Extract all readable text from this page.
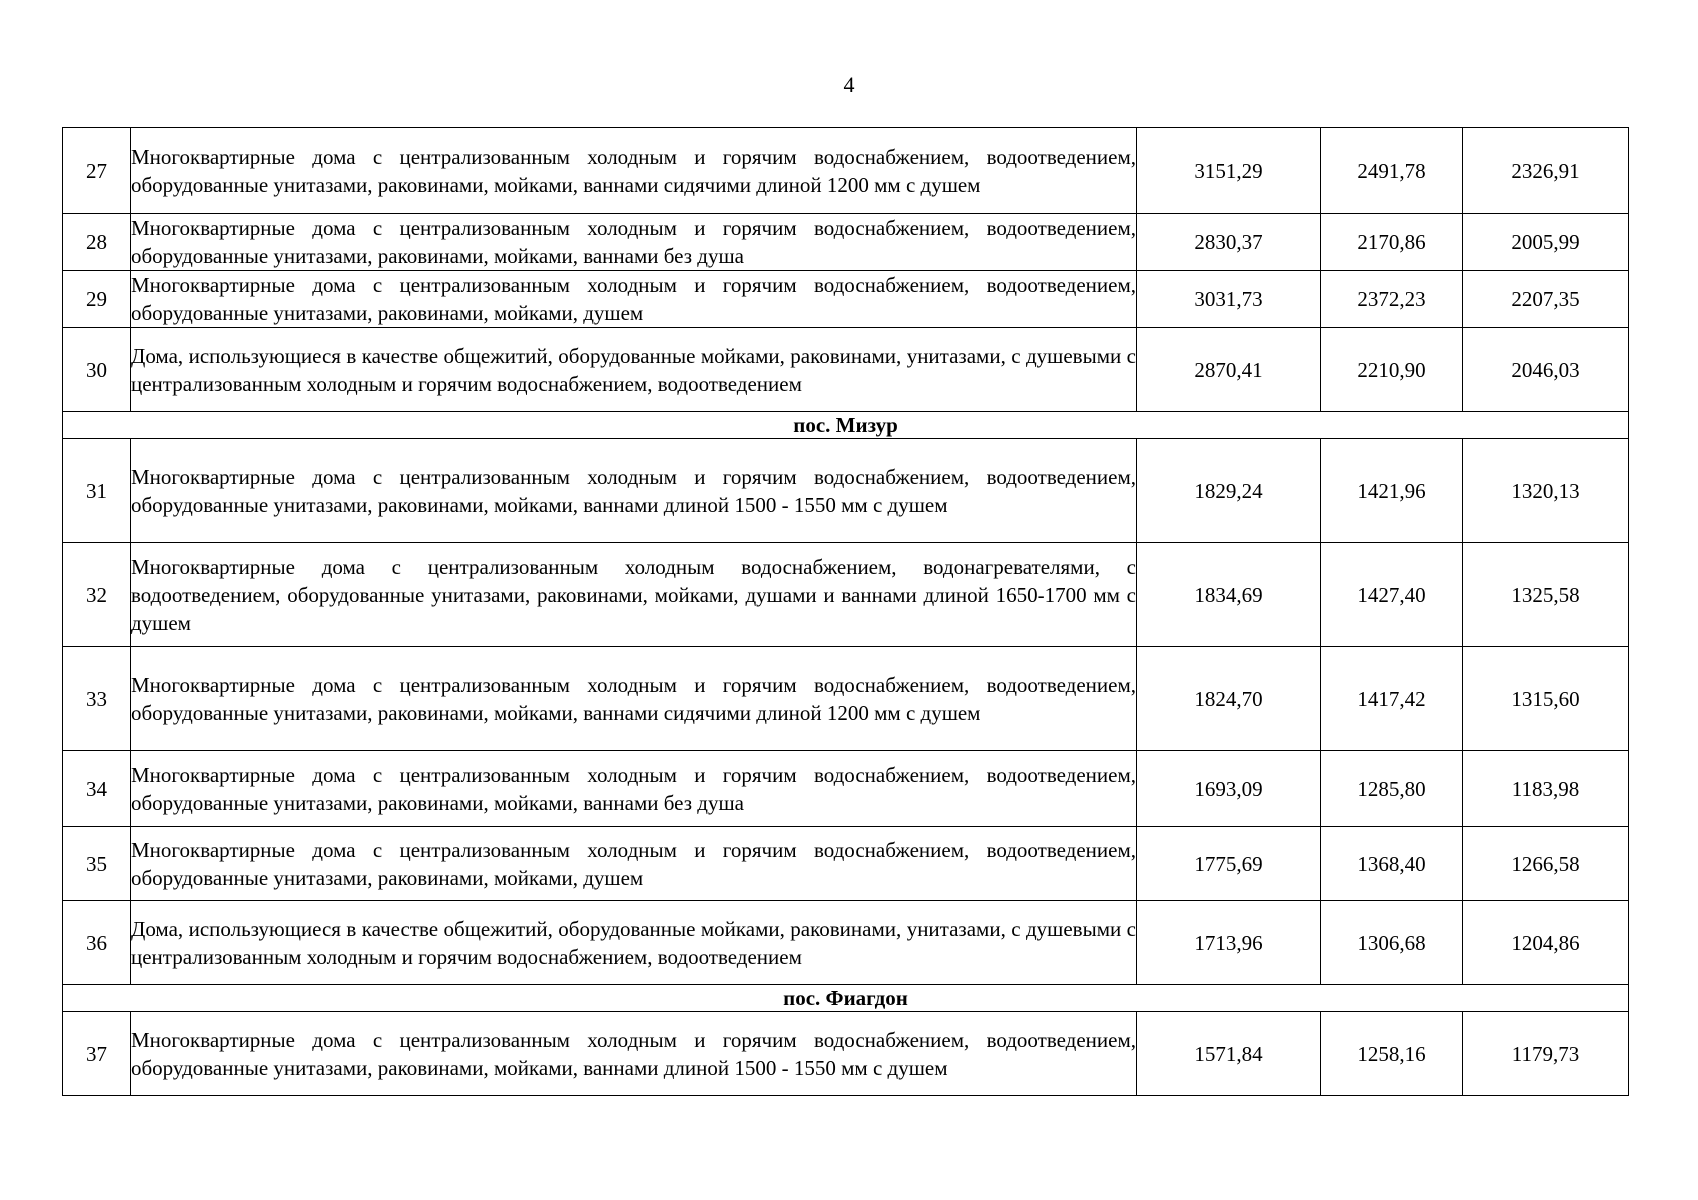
4
27	Многоквартирные дома с централизованным холодным и горячим водоснабжением, водоотведением, оборудованные унитазами, раковинами, мойками, ваннами сидячими длиной 1200 мм с душем	3151,29	2491,78	2326,91
28	Многоквартирные дома с централизованным холодным и горячим водоснабжением, водоотведением, оборудованные унитазами, раковинами, мойками, ваннами без душа	2830,37	2170,86	2005,99
29	Многоквартирные дома с централизованным холодным и горячим водоснабжением, водоотведением, оборудованные унитазами, раковинами, мойками, душем	3031,73	2372,23	2207,35
30	Дома, использующиеся в качестве общежитий, оборудованные мойками, раковинами, унитазами, с душевыми с централизованным холодным и горячим водоснабжением, водоотведением	2870,41	2210,90	2046,03
пос. Мизур				
31	Многоквартирные дома с централизованным холодным и горячим водоснабжением, водоотведением, оборудованные унитазами, раковинами, мойками, ваннами длиной 1500 - 1550 мм с душем	1829,24	1421,96	1320,13
32	Многоквартирные дома с централизованным холодным водоснабжением, водонагревателями, с водоотведением, оборудованные унитазами, раковинами, мойками, душами и ваннами длиной 1650-1700 мм с душем	1834,69	1427,40	1325,58
33	Многоквартирные дома с централизованным холодным и горячим водоснабжением, водоотведением, оборудованные унитазами, раковинами, мойками, ваннами сидячими длиной 1200 мм с душем	1824,70	1417,42	1315,60
34	Многоквартирные дома с централизованным холодным и горячим водоснабжением, водоотведением, оборудованные унитазами, раковинами, мойками, ваннами без душа	1693,09	1285,80	1183,98
35	Многоквартирные дома с централизованным холодным и горячим водоснабжением, водоотведением, оборудованные унитазами, раковинами, мойками, душем	1775,69	1368,40	1266,58
36	Дома, использующиеся в качестве общежитий, оборудованные мойками, раковинами, унитазами, с душевыми с централизованным холодным и горячим водоснабжением, водоотведением	1713,96	1306,68	1204,86
пос. Фиагдон				
37	Многоквартирные дома с централизованным холодным и горячим водоснабжением, водоотведением, оборудованные унитазами, раковинами, мойками, ваннами длиной 1500 - 1550 мм с душем	1571,84	1258,16	1179,73
